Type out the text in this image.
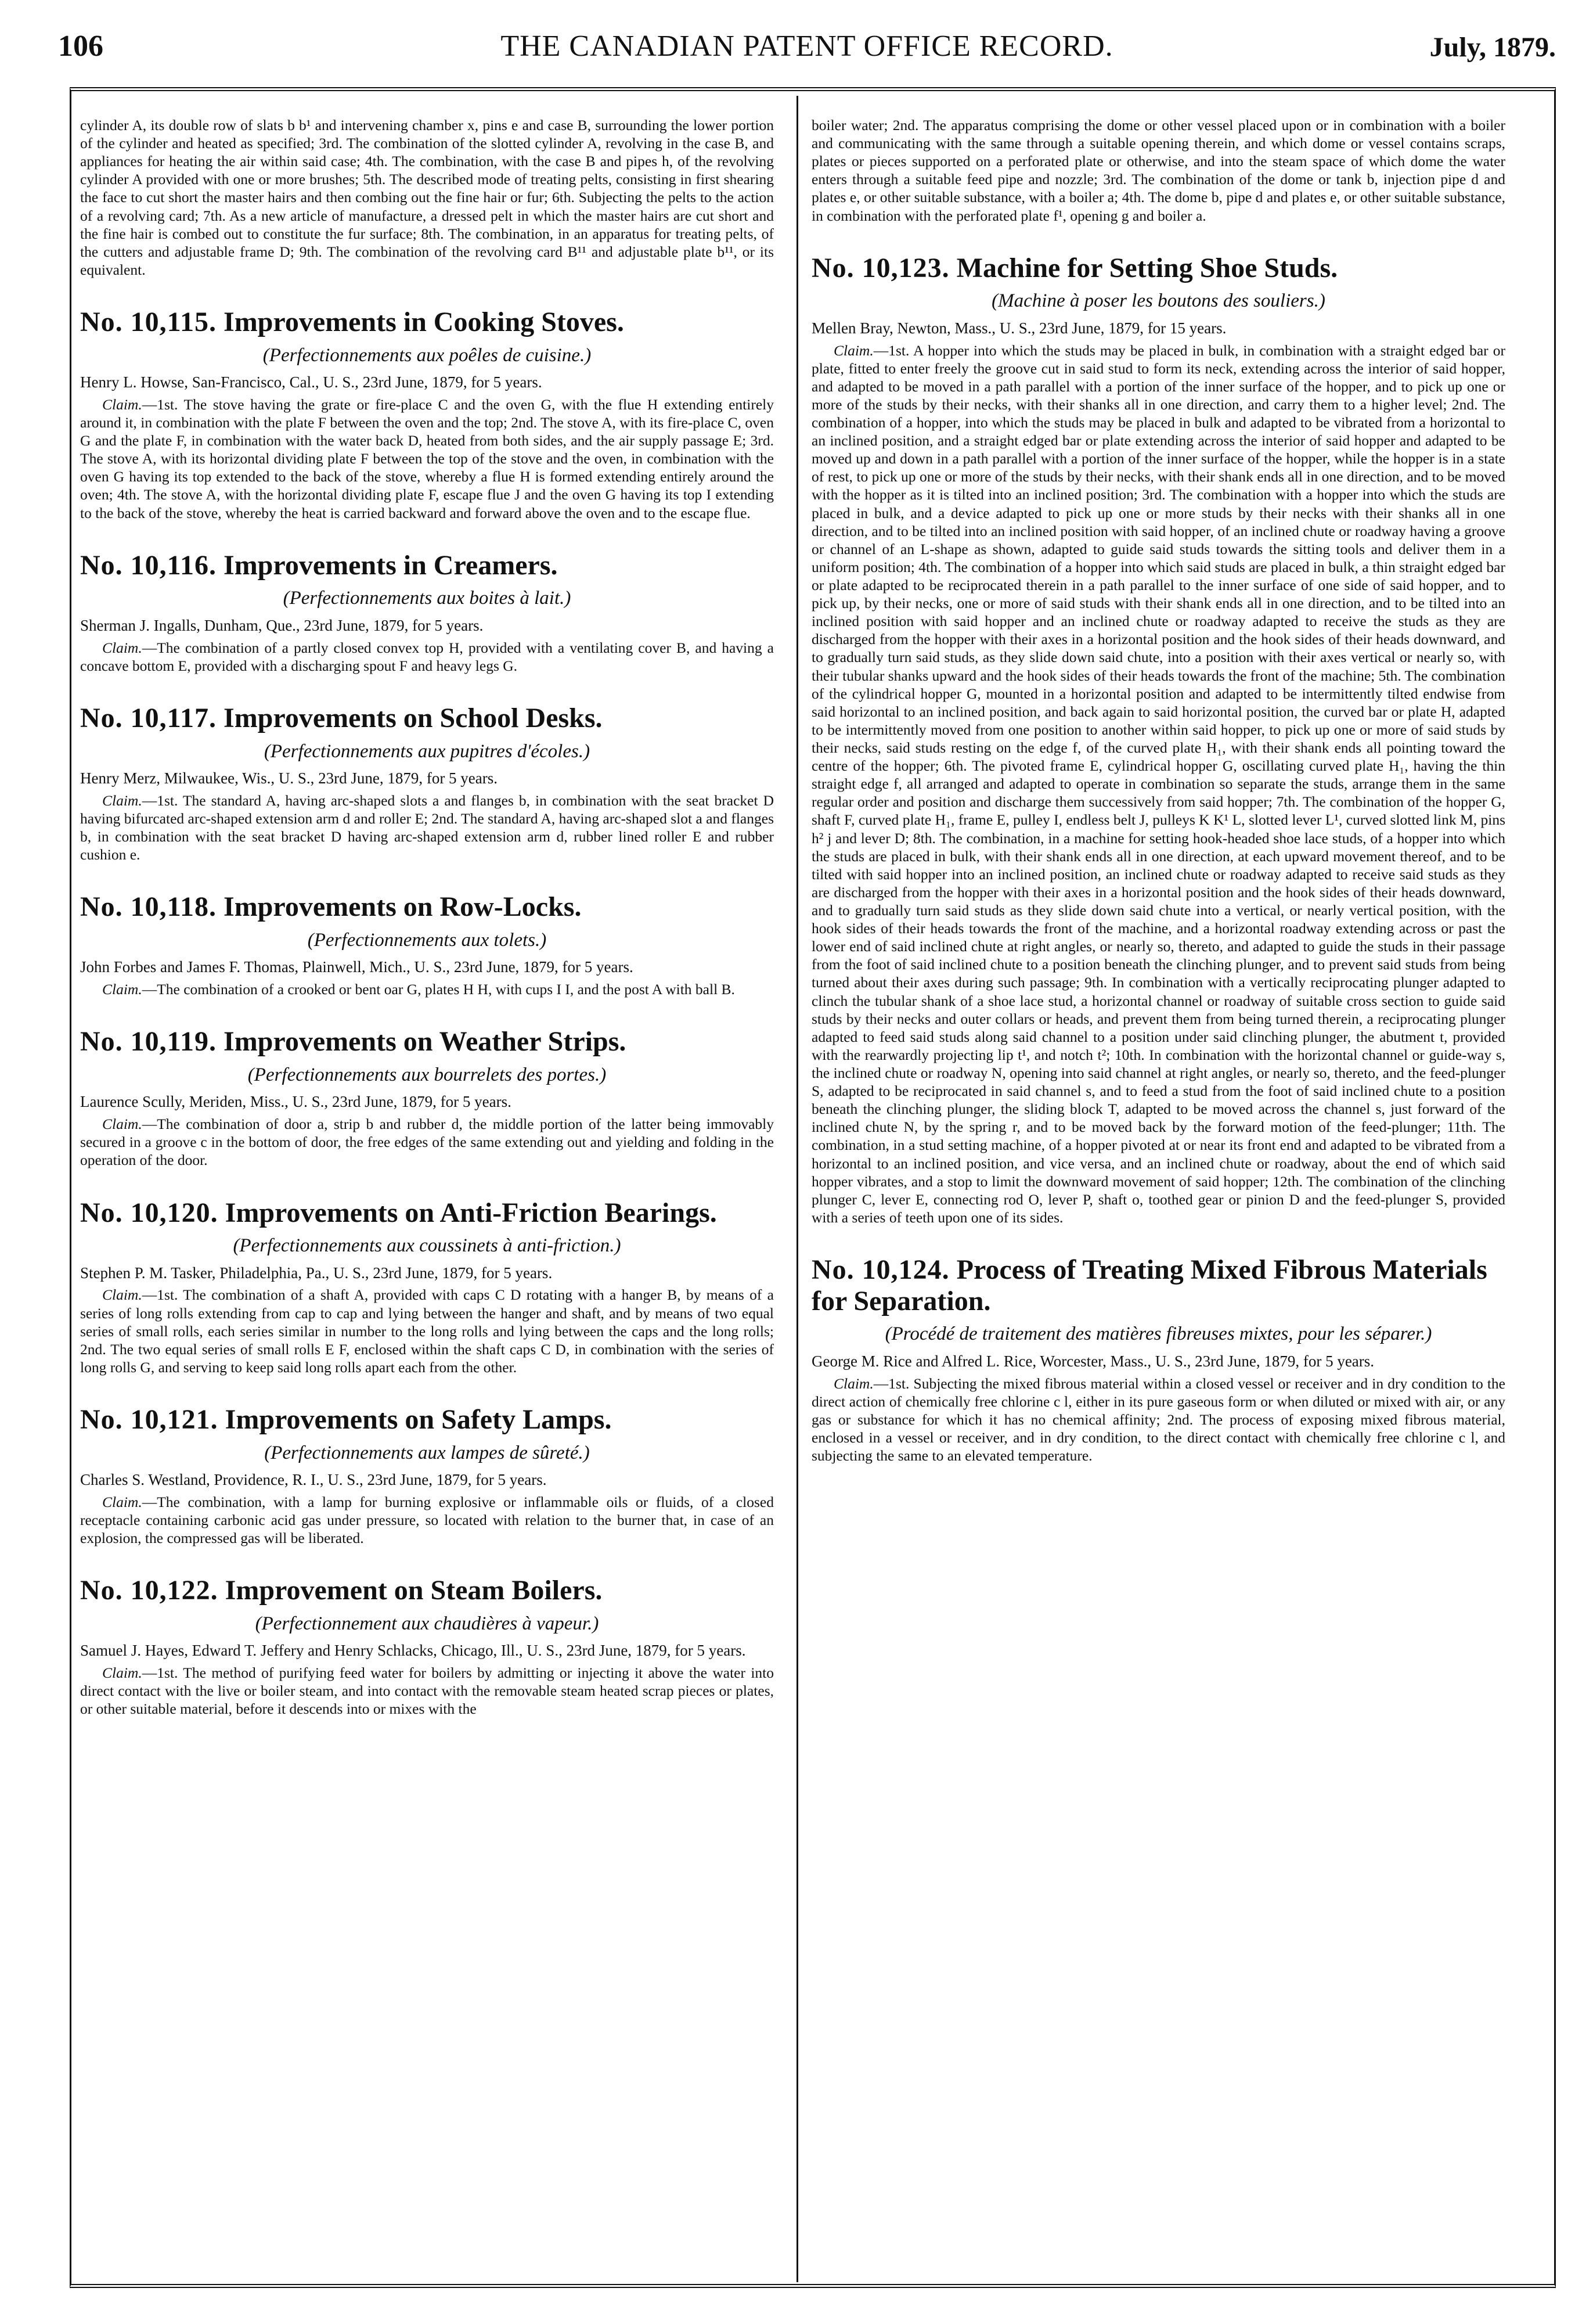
106	THE CANADIAN PATENT OFFICE RECORD.	July, 1879.

cylinder A, its double row of slats b b¹ and intervening chamber x, pins e and case B, surrounding the lower portion of the cylinder and heated as specified; 3rd. The combination of the slotted cylinder A, revolving in the case B, and appliances for heating the air within said case; 4th. The combination, with the case B and pipes h, of the revolving cylinder A provided with one or more brushes; 5th. The described mode of treating pelts, consisting in first shearing the face to cut short the master hairs and then combing out the fine hair or fur; 6th. Subjecting the pelts to the action of a revolving card; 7th. As a new article of manufacture, a dressed pelt in which the master hairs are cut short and the fine hair is combed out to constitute the fur surface; 8th. The combination, in an apparatus for treating pelts, of the cutters and adjustable frame D; 9th. The combination of the revolving card B¹¹ and adjustable plate b¹¹, or its equivalent.

No. 10,115. Improvements in Cooking Stoves.

(Perfectionnements aux poêles de cuisine.)

Henry L. Howse, San-Francisco, Cal., U. S., 23rd June, 1879, for 5 years.

Claim.—1st. The stove having the grate or fire-place C and the oven G, with the flue H extending entirely around it, in combination with the plate F between the oven and the top; 2nd. The stove A, with its fire-place C, oven G and the plate F, in combination with the water back D, heated from both sides, and the air supply passage E; 3rd. The stove A, with its horizontal dividing plate F between the top of the stove and the oven, in combination with the oven G having its top extended to the back of the stove, whereby a flue H is formed extending entirely around the oven; 4th. The stove A, with the horizontal dividing plate F, escape flue J and the oven G having its top I extending to the back of the stove, whereby the heat is carried backward and forward above the oven and to the escape flue.

No. 10,116. Improvements in Creamers.

(Perfectionnements aux boites à lait.)

Sherman J. Ingalls, Dunham, Que., 23rd June, 1879, for 5 years.

Claim.—The combination of a partly closed convex top H, provided with a ventilating cover B, and having a concave bottom E, provided with a discharging spout F and heavy legs G.

No. 10,117. Improvements on School Desks.

(Perfectionnements aux pupitres d'écoles.)

Henry Merz, Milwaukee, Wis., U. S., 23rd June, 1879, for 5 years.

Claim.—1st. The standard A, having arc-shaped slots a and flanges b, in combination with the seat bracket D having bifurcated arc-shaped extension arm d and roller E; 2nd. The standard A, having arc-shaped slot a and flanges b, in combination with the seat bracket D having arc-shaped extension arm d, rubber lined roller E and rubber cushion e.

No. 10,118. Improvements on Row-Locks.

(Perfectionnements aux tolets.)

John Forbes and James F. Thomas, Plainwell, Mich., U. S., 23rd June, 1879, for 5 years.

Claim.—The combination of a crooked or bent oar G, plates H H, with cups I I, and the post A with ball B.

No. 10,119. Improvements on Weather Strips.

(Perfectionnements aux bourrelets des portes.)

Laurence Scully, Meriden, Miss., U. S., 23rd June, 1879, for 5 years.

Claim.—The combination of door a, strip b and rubber d, the middle portion of the latter being immovably secured in a groove c in the bottom of door, the free edges of the same extending out and yielding and folding in the operation of the door.

No. 10,120. Improvements on Anti-Friction Bearings.

(Perfectionnements aux coussinets à anti-friction.)

Stephen P. M. Tasker, Philadelphia, Pa., U. S., 23rd June, 1879, for 5 years.

Claim.—1st. The combination of a shaft A, provided with caps C D rotating with a hanger B, by means of a series of long rolls extending from cap to cap and lying between the hanger and shaft, and by means of two equal series of small rolls, each series similar in number to the long rolls and lying between the caps and the long rolls; 2nd. The two equal series of small rolls E F, enclosed within the shaft caps C D, in combination with the series of long rolls G, and serving to keep said long rolls apart each from the other.

No. 10,121. Improvements on Safety Lamps.

(Perfectionnements aux lampes de sûreté.)

Charles S. Westland, Providence, R. I., U. S., 23rd June, 1879, for 5 years.

Claim.—The combination, with a lamp for burning explosive or inflammable oils or fluids, of a closed receptacle containing carbonic acid gas under pressure, so located with relation to the burner that, in case of an explosion, the compressed gas will be liberated.

No. 10,122. Improvement on Steam Boilers.

(Perfectionnement aux chaudières à vapeur.)

Samuel J. Hayes, Edward T. Jeffery and Henry Schlacks, Chicago, Ill., U. S., 23rd June, 1879, for 5 years.

Claim.—1st. The method of purifying feed water for boilers by admitting or injecting it above the water into direct contact with the live or boiler steam, and into contact with the removable steam heated scrap pieces or plates, or other suitable material, before it descends into or mixes with the

boiler water; 2nd. The apparatus comprising the dome or other vessel placed upon or in combination with a boiler and communicating with the same through a suitable opening therein, and which dome or vessel contains scraps, plates or pieces supported on a perforated plate or otherwise, and into the steam space of which dome the water enters through a suitable feed pipe and nozzle; 3rd. The combination of the dome or tank b, injection pipe d and plates e, or other suitable substance, with a boiler a; 4th. The dome b, pipe d and plates e, or other suitable substance, in combination with the perforated plate f¹, opening g and boiler a.

No. 10,123. Machine for Setting Shoe Studs.

(Machine à poser les boutons des souliers.)

Mellen Bray, Newton, Mass., U. S., 23rd June, 1879, for 15 years.

Claim.—1st. A hopper into which the studs may be placed in bulk, in combination with a straight edged bar or plate, fitted to enter freely the groove cut in said stud to form its neck, extending across the interior of said hopper, and adapted to be moved in a path parallel with a portion of the inner surface of the hopper, and to pick up one or more of the studs by their necks, with their shanks all in one direction, and carry them to a higher level; 2nd. The combination of a hopper, into which the studs may be placed in bulk and adapted to be vibrated from a horizontal to an inclined position, and a straight edged bar or plate extending across the interior of said hopper and adapted to be moved up and down in a path parallel with a portion of the inner surface of the hopper, while the hopper is in a state of rest, to pick up one or more of the studs by their necks, with their shank ends all in one direction, and to be moved with the hopper as it is tilted into an inclined position; 3rd. The combination with a hopper into which the studs are placed in bulk, and a device adapted to pick up one or more studs by their necks with their shanks all in one direction, and to be tilted into an inclined position with said hopper, of an inclined chute or roadway having a groove or channel of an L-shape as shown, adapted to guide said studs towards the sitting tools and deliver them in a uniform position; 4th. The combination of a hopper into which said studs are placed in bulk, a thin straight edged bar or plate adapted to be reciprocated therein in a path parallel to the inner surface of one side of said hopper, and to pick up, by their necks, one or more of said studs with their shank ends all in one direction, and to be tilted into an inclined position with said hopper and an inclined chute or roadway adapted to receive the studs as they are discharged from the hopper with their axes in a horizontal position and the hook sides of their heads downward, and to gradually turn said studs, as they slide down said chute, into a position with their axes vertical or nearly so, with their tubular shanks upward and the hook sides of their heads towards the front of the machine; 5th. The combination of the cylindrical hopper G, mounted in a horizontal position and adapted to be intermittently tilted endwise from said horizontal to an inclined position, and back again to said horizontal position, the curved bar or plate H, adapted to be intermittently moved from one position to another within said hopper, to pick up one or more of said studs by their necks, said studs resting on the edge f, of the curved plate H₁, with their shank ends all pointing toward the centre of the hopper; 6th. The pivoted frame E, cylindrical hopper G, oscillating curved plate H₁, having the thin straight edge f, all arranged and adapted to operate in combination so separate the studs, arrange them in the same regular order and position and discharge them successively from said hopper; 7th. The combination of the hopper G, shaft F, curved plate H₁, frame E, pulley I, endless belt J, pulleys K K¹ L, slotted lever L¹, curved slotted link M, pins h² j and lever D; 8th. The combination, in a machine for setting hook-headed shoe lace studs, of a hopper into which the studs are placed in bulk, with their shank ends all in one direction, at each upward movement thereof, and to be tilted with said hopper into an inclined position, an inclined chute or roadway adapted to receive said studs as they are discharged from the hopper with their axes in a horizontal position and the hook sides of their heads downward, and to gradually turn said studs as they slide down said chute into a vertical, or nearly vertical position, with the hook sides of their heads towards the front of the machine, and a horizontal roadway extending across or past the lower end of said inclined chute at right angles, or nearly so, thereto, and adapted to guide the studs in their passage from the foot of said inclined chute to a position beneath the clinching plunger, and to prevent said studs from being turned about their axes during such passage; 9th. In combination with a vertically reciprocating plunger adapted to clinch the tubular shank of a shoe lace stud, a horizontal channel or roadway of suitable cross section to guide said studs by their necks and outer collars or heads, and prevent them from being turned therein, a reciprocating plunger adapted to feed said studs along said channel to a position under said clinching plunger, the abutment t, provided with the rearwardly projecting lip t¹, and notch t²; 10th. In combination with the horizontal channel or guide-way s, the inclined chute or roadway N, opening into said channel at right angles, or nearly so, thereto, and the feed-plunger S, adapted to be reciprocated in said channel s, and to feed a stud from the foot of said inclined chute to a position beneath the clinching plunger, the sliding block T, adapted to be moved across the channel s, just forward of the inclined chute N, by the spring r, and to be moved back by the forward motion of the feed-plunger; 11th. The combination, in a stud setting machine, of a hopper pivoted at or near its front end and adapted to be vibrated from a horizontal to an inclined position, and vice versa, and an inclined chute or roadway, about the end of which said hopper vibrates, and a stop to limit the downward movement of said hopper; 12th. The combination of the clinching plunger C, lever E, connecting rod O, lever P, shaft o, toothed gear or pinion D and the feed-plunger S, provided with a series of teeth upon one of its sides.

No. 10,124. Process of Treating Mixed Fibrous Materials for Separation.

(Procédé de traitement des matières fibreuses mixtes, pour les séparer.)

George M. Rice and Alfred L. Rice, Worcester, Mass., U. S., 23rd June, 1879, for 5 years.

Claim.—1st. Subjecting the mixed fibrous material within a closed vessel or receiver and in dry condition to the direct action of chemically free chlorine c l, either in its pure gaseous form or when diluted or mixed with air, or any gas or substance for which it has no chemical affinity; 2nd. The process of exposing mixed fibrous material, enclosed in a vessel or receiver, and in dry condition, to the direct contact with chemically free chlorine c l, and subjecting the same to an elevated temperature.
